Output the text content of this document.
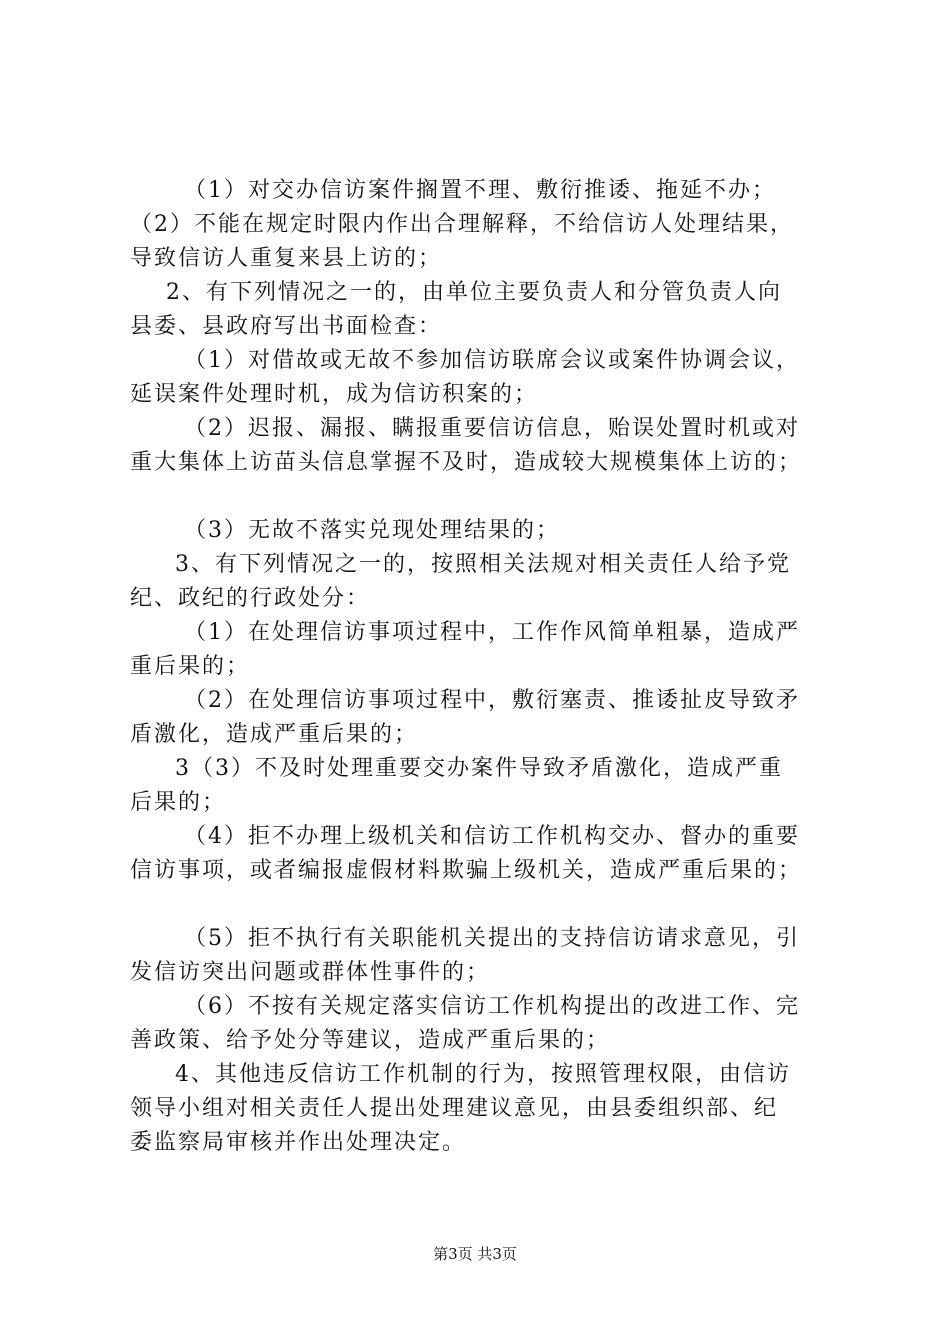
（1）对交办信访案件搁置不理、敷衍推诿、拖延不办；

（2）不能在规定时限内作出合理解释，不给信访人处理结果，

导致信访人重复来县上访的；

2、有下列情况之一的，由单位主要负责人和分管负责人向

县委、县政府写出书面检查：

（1）对借故或无故不参加信访联席会议或案件协调会议，

延误案件处理时机，成为信访积案的；

（2）迟报、漏报、瞒报重要信访信息，贻误处置时机或对

重大集体上访苗头信息掌握不及时，造成较大规模集体上访的；

（3）无故不落实兑现处理结果的；

3、有下列情况之一的，按照相关法规对相关责任人给予党

纪、政纪的行政处分：

（1）在处理信访事项过程中，工作作风简单粗暴，造成严

重后果的；

（2）在处理信访事项过程中，敷衍塞责、推诿扯皮导致矛

盾激化，造成严重后果的；

3（3）不及时处理重要交办案件导致矛盾激化，造成严重

后果的；

（4）拒不办理上级机关和信访工作机构交办、督办的重要

信访事项，或者编报虚假材料欺骗上级机关，造成严重后果的；

（5）拒不执行有关职能机关提出的支持信访请求意见，引

发信访突出问题或群体性事件的；

（6）不按有关规定落实信访工作机构提出的改进工作、完

善政策、给予处分等建议，造成严重后果的；

4、其他违反信访工作机制的行为，按照管理权限，由信访

领导小组对相关责任人提出处理建议意见，由县委组织部、纪

委监察局审核并作出处理决定。

第3页 共3页
